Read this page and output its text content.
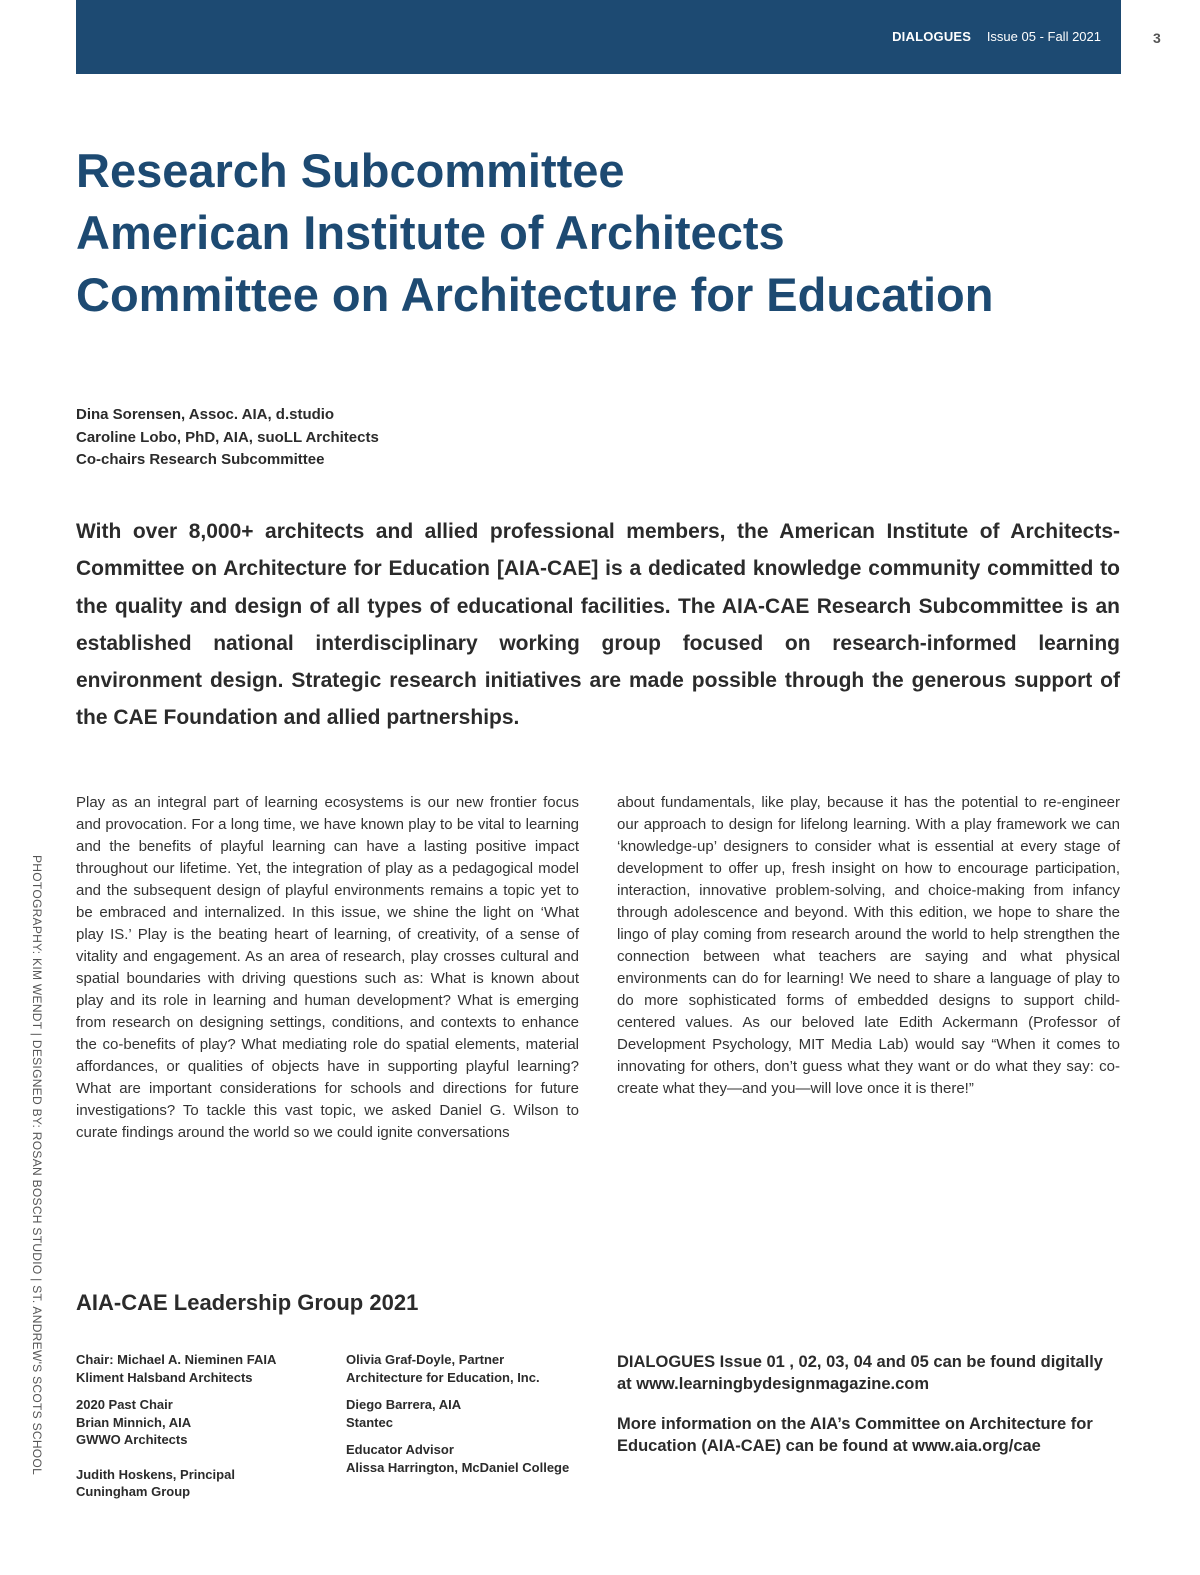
DIALOGUES Issue 05 - Fall 2021	3
PHOTOGRAPHY: KIM WENDT | DESIGNED BY: ROSAN BOSCH STUDIO | ST. ANDREW'S SCOTS SCHOOL
Research Subcommittee
American Institute of Architects
Committee on Architecture for Education
Dina Sorensen, Assoc. AIA, d.studio
Caroline Lobo, PhD, AIA, suoLL Architects
Co-chairs Research Subcommittee

With over 8,000+ architects and allied professional members, the American Institute of Architects-Committee on Architecture for Education [AIA-CAE] is a dedicated knowledge community committed to the quality and design of all types of educational facilities. The AIA-CAE Research Subcommittee is an established national interdisciplinary working group focused on research-informed learning environment design. Strategic research initiatives are made possible through the generous support of the CAE Foundation and allied partnerships.

Play as an integral part of learning ecosystems is our new frontier focus and provocation. For a long time, we have known play to be vital to learning and the benefits of playful learning can have a lasting positive impact throughout our lifetime. Yet, the integration of play as a pedagogical model and the subsequent design of playful environments remains a topic yet to be embraced and internalized. In this issue, we shine the light on ‘What play IS.’ Play is the beating heart of learning, of creativity, of a sense of vitality and engagement. As an area of research, play crosses cultural and spatial boundaries with driving questions such as: What is known about play and its role in learning and human development? What is emerging from research on designing settings, conditions, and contexts to enhance the co-benefits of play? What mediating role do spatial elements, material affordances, or qualities of objects have in supporting playful learning? What are important considerations for schools and directions for future investigations? To tackle this vast topic, we asked Daniel G. Wilson to curate findings around the world so we could ignite conversations

about fundamentals, like play, because it has the potential to re-engineer our approach to design for lifelong learning. With a play framework we can ‘knowledge-up’ designers to consider what is essential at every stage of development to offer up, fresh insight on how to encourage participation, interaction, innovative problem-solving, and choice-making from infancy through adolescence and beyond. With this edition, we hope to share the lingo of play coming from research around the world to help strengthen the connection between what teachers are saying and what physical environments can do for learning! We need to share a language of play to do more sophisticated forms of embedded designs to support child-centered values. As our beloved late Edith Ackermann (Professor of Development Psychology, MIT Media Lab) would say “When it comes to innovating for others, don’t guess what they want or do what they say: co-create what they—and you—will love once it is there!”

AIA-CAE Leadership Group 2021
Chair: Michael A. Nieminen FAIA
Kliment Halsband Architects
2020 Past Chair
Brian Minnich, AIA
GWWO Architects
Judith Hoskens, Principal
Cuningham Group
Olivia Graf-Doyle, Partner
Architecture for Education, Inc.
Diego Barrera, AIA
Stantec
Educator Advisor
Alissa Harrington, McDaniel College

DIALOGUES Issue 01 , 02, 03, 04 and 05 can be found digitally at www.learningbydesignmagazine.com

More information on the AIA’s Committee on Architecture for Education (AIA-CAE) can be found at www.aia.org/cae
